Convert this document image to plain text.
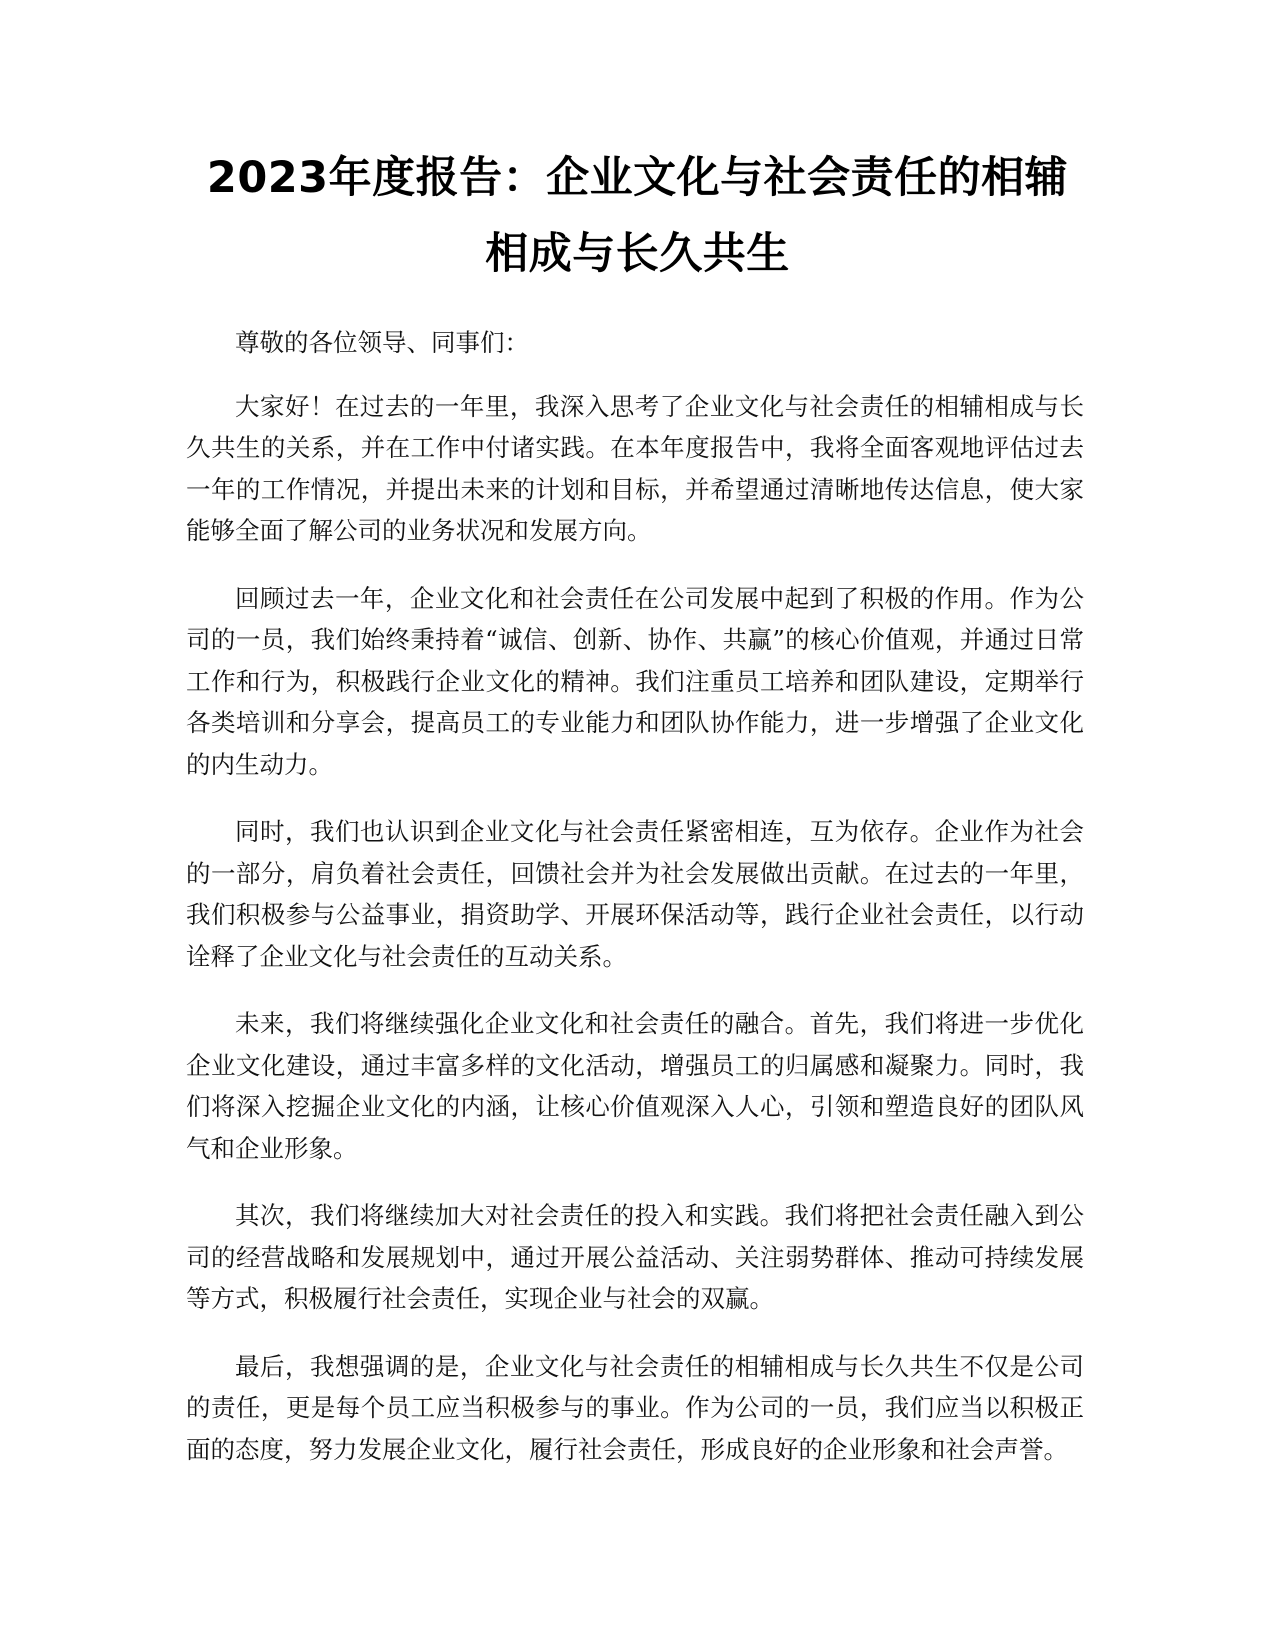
2023年度报告：企业文化与社会责任的相辅
相成与长久共生

尊敬的各位领导、同事们：

大家好！在过去的一年里，我深入思考了企业文化与社会责任的相辅相成与长久共生的关系，并在工作中付诸实践。在本年度报告中，我将全面客观地评估过去一年的工作情况，并提出未来的计划和目标，并希望通过清晰地传达信息，使大家能够全面了解公司的业务状况和发展方向。

回顾过去一年，企业文化和社会责任在公司发展中起到了积极的作用。作为公司的一员，我们始终秉持着“诚信、创新、协作、共赢”的核心价值观，并通过日常工作和行为，积极践行企业文化的精神。我们注重员工培养和团队建设，定期举行各类培训和分享会，提高员工的专业能力和团队协作能力，进一步增强了企业文化的内生动力。

同时，我们也认识到企业文化与社会责任紧密相连，互为依存。企业作为社会的一部分，肩负着社会责任，回馈社会并为社会发展做出贡献。在过去的一年里，我们积极参与公益事业，捐资助学、开展环保活动等，践行企业社会责任，以行动诠释了企业文化与社会责任的互动关系。

未来，我们将继续强化企业文化和社会责任的融合。首先，我们将进一步优化企业文化建设，通过丰富多样的文化活动，增强员工的归属感和凝聚力。同时，我们将深入挖掘企业文化的内涵，让核心价值观深入人心，引领和塑造良好的团队风气和企业形象。

其次，我们将继续加大对社会责任的投入和实践。我们将把社会责任融入到公司的经营战略和发展规划中，通过开展公益活动、关注弱势群体、推动可持续发展等方式，积极履行社会责任，实现企业与社会的双赢。

最后，我想强调的是，企业文化与社会责任的相辅相成与长久共生不仅是公司的责任，更是每个员工应当积极参与的事业。作为公司的一员，我们应当以积极正面的态度，努力发展企业文化，履行社会责任，形成良好的企业形象和社会声誉。
